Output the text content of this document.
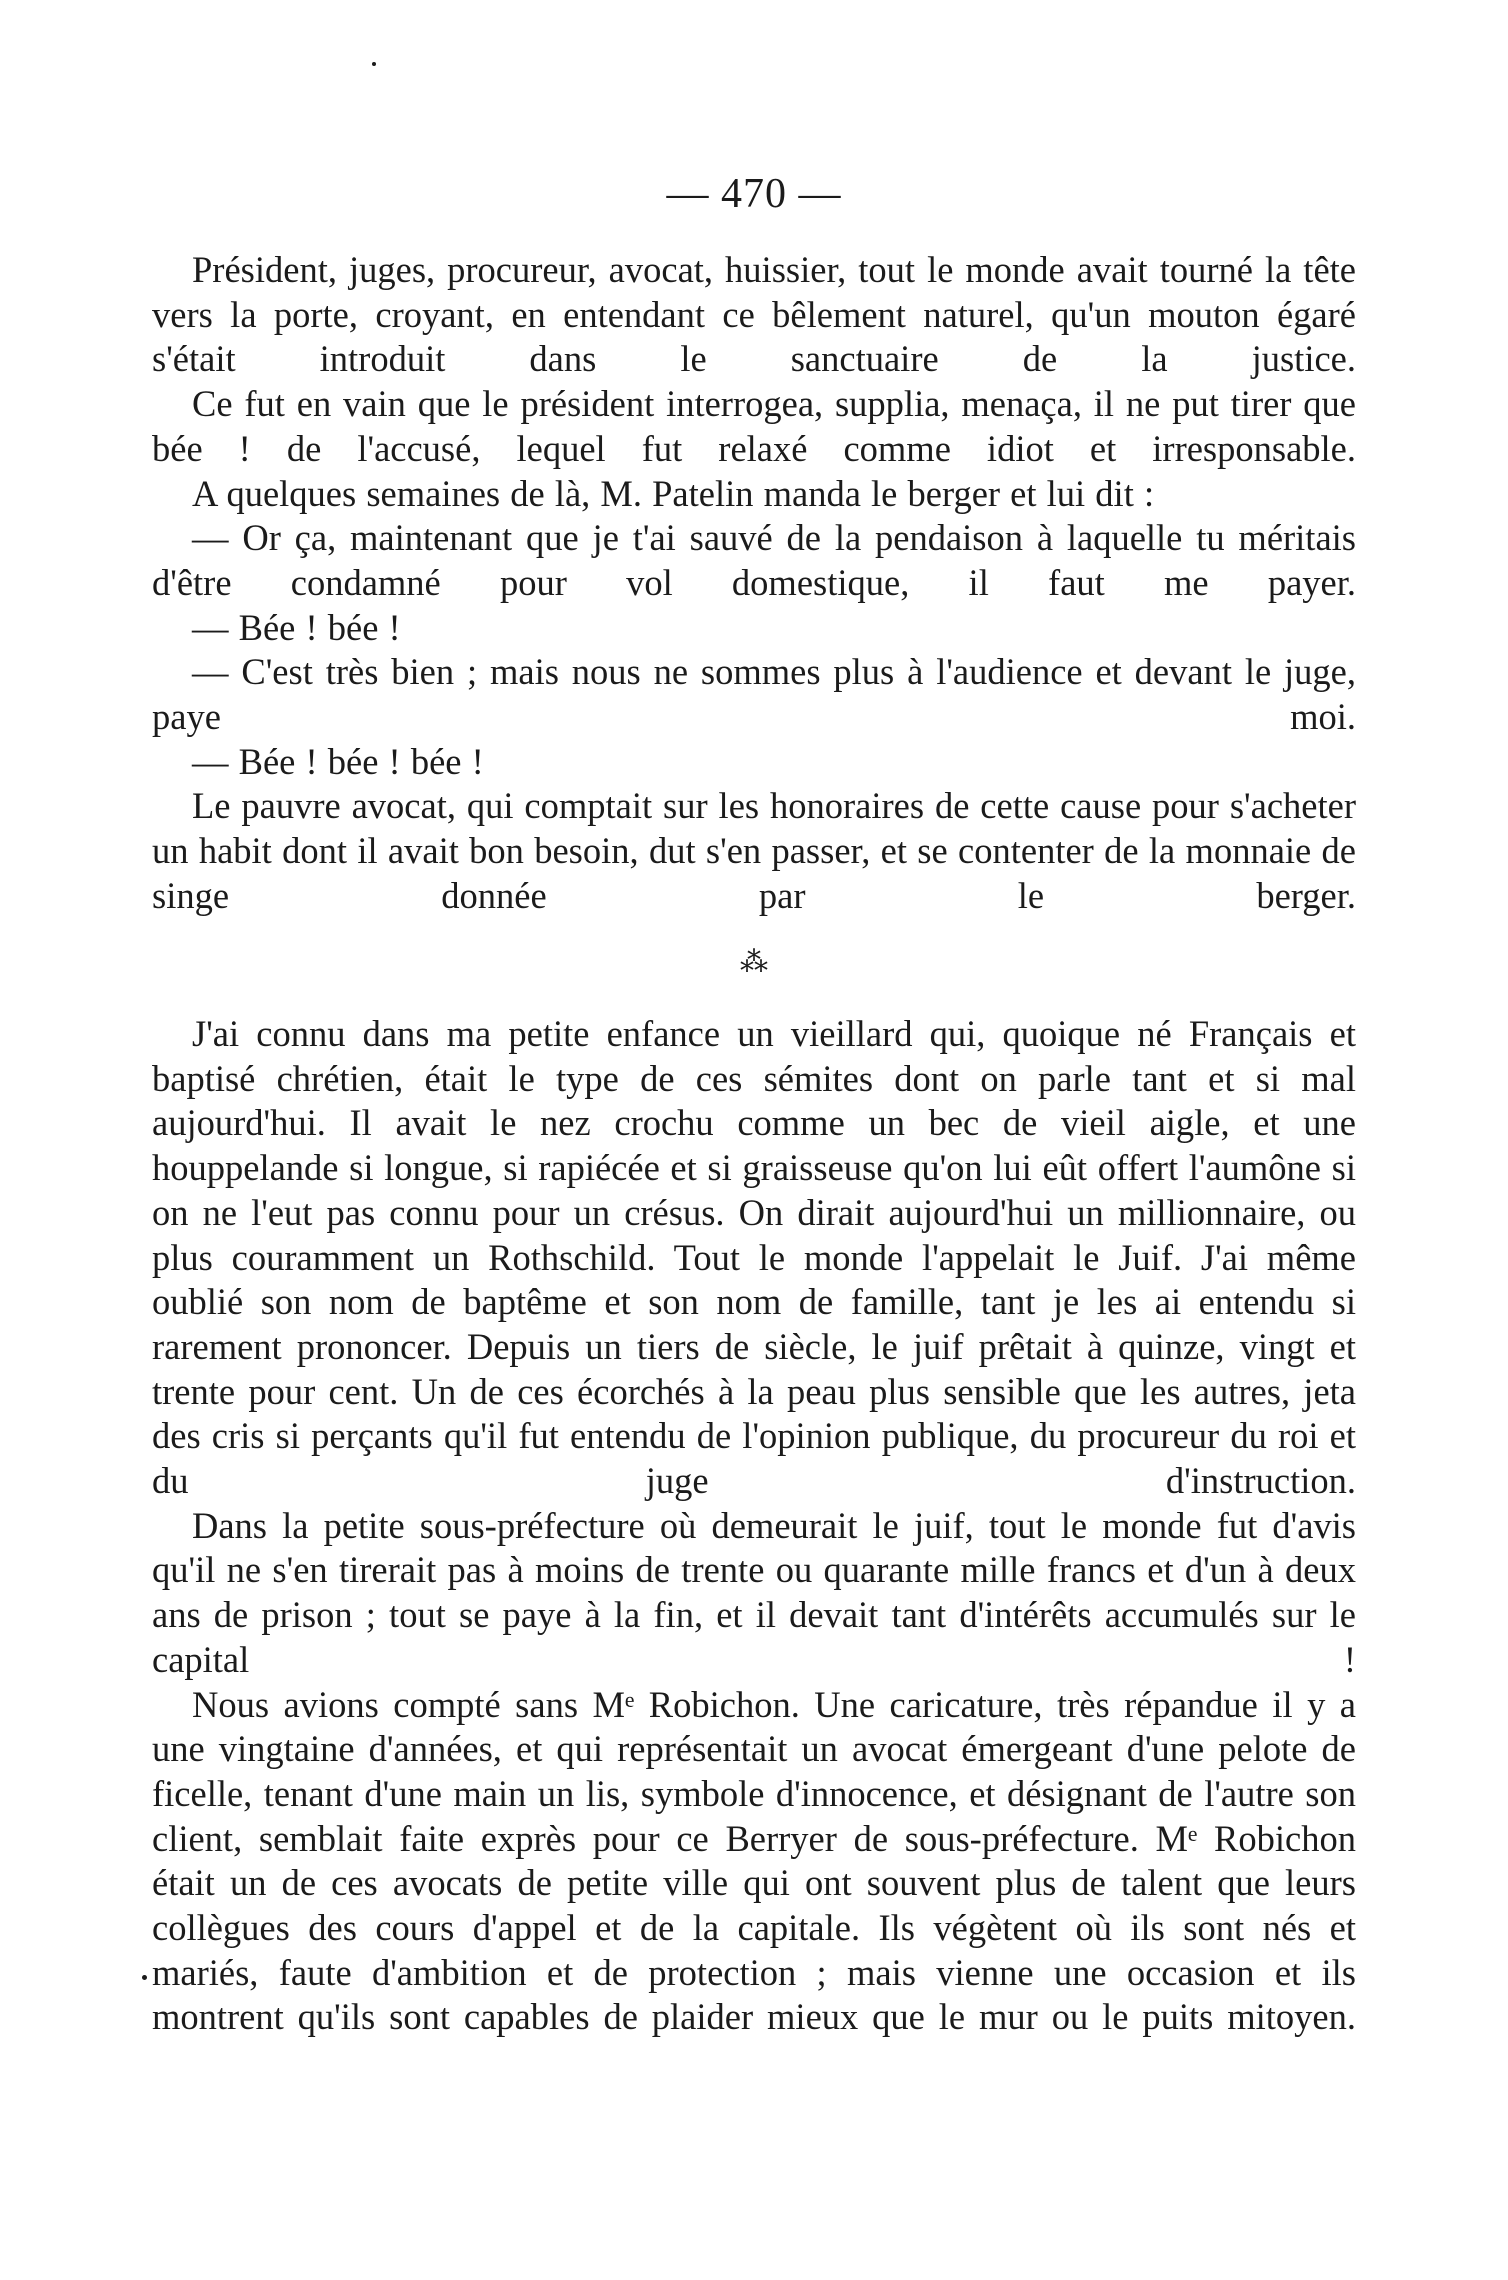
— 470 —

Président, juges, procureur, avocat, huissier, tout le monde avait tourné la tête vers la porte, croyant, en entendant ce bêlement naturel, qu'un mouton égaré s'était introduit dans le sanctuaire de la justice.

Ce fut en vain que le président interrogea, supplia, menaça, il ne put tirer que bée ! de l'accusé, lequel fut relaxé comme idiot et irresponsable.

A quelques semaines de là, M. Patelin manda le berger et lui dit :

— Or ça, maintenant que je t'ai sauvé de la pendaison à laquelle tu méritais d'être condamné pour vol domestique, il faut me payer.

— Bée ! bée !

— C'est très bien ; mais nous ne sommes plus à l'audience et devant le juge, paye moi.

— Bée ! bée ! bée !

Le pauvre avocat, qui comptait sur les honoraires de cette cause pour s'acheter un habit dont il avait bon besoin, dut s'en passer, et se contenter de la monnaie de singe donnée par le berger.

⁂

J'ai connu dans ma petite enfance un vieillard qui, quoique né Français et baptisé chrétien, était le type de ces sémites dont on parle tant et si mal aujourd'hui. Il avait le nez crochu comme un bec de vieil aigle, et une houppelande si longue, si rapiécée et si graisseuse qu'on lui eût offert l'aumône si on ne l'eut pas connu pour un crésus. On dirait aujourd'hui un millionnaire, ou plus couramment un Rothschild. Tout le monde l'appelait le Juif. J'ai même oublié son nom de baptême et son nom de famille, tant je les ai entendu si rarement prononcer. Depuis un tiers de siècle, le juif prêtait à quinze, vingt et trente pour cent. Un de ces écorchés à la peau plus sensible que les autres, jeta des cris si perçants qu'il fut entendu de l'opinion publique, du procureur du roi et du juge d'instruction.

Dans la petite sous-préfecture où demeurait le juif, tout le monde fut d'avis qu'il ne s'en tirerait pas à moins de trente ou quarante mille francs et d'un à deux ans de prison ; tout se paye à la fin, et il devait tant d'intérêts accumulés sur le capital !

Nous avions compté sans Mᵉ Robichon. Une caricature, très répandue il y a une vingtaine d'années, et qui représentait un avocat émergeant d'une pelote de ficelle, tenant d'une main un lis, symbole d'innocence, et désignant de l'autre son client, semblait faite exprès pour ce Berryer de sous-préfecture. Mᵉ Robichon était un de ces avocats de petite ville qui ont souvent plus de talent que leurs collègues des cours d'appel et de la capitale. Ils végètent où ils sont nés et mariés, faute d'ambition et de protection ; mais vienne une occasion et ils montrent qu'ils sont capables de plaider mieux que le mur ou le puits mitoyen.
